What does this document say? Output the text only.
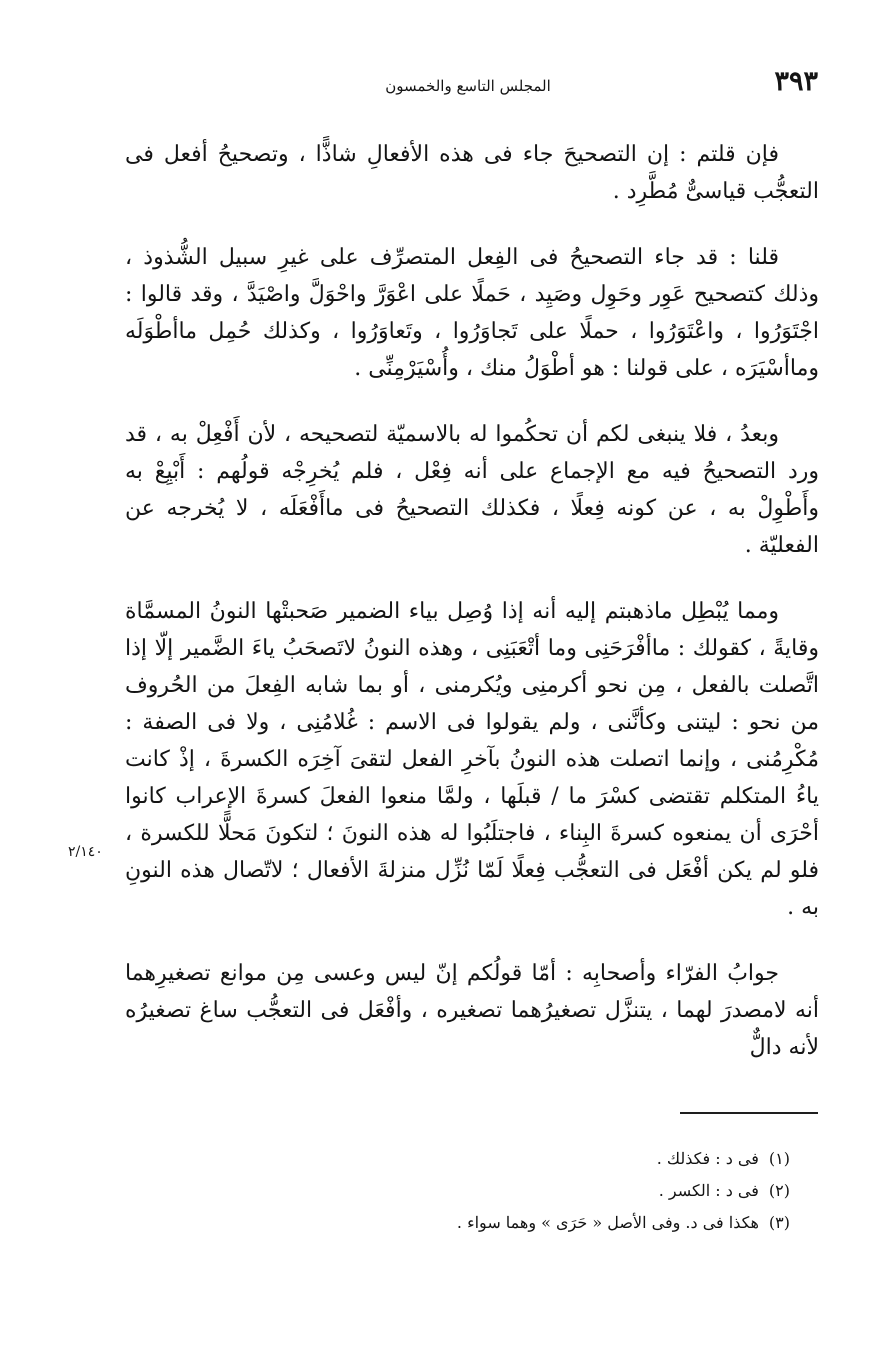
٣٩٣
المجلس التاسع والخمسون

فإن قلتم : إن التصحيحَ جاء فى هذه الأفعالِ شاذًّا ، وتصحيحُ أفعل فى التعجُّب قياسىٌّ مُطَّرِد .

قلنا : قد جاء التصحيحُ فى الفِعل المتصرِّف على غيرِ سبيل الشُّذوذ ، وذلك كتصحيح عَوِر وحَوِل وصَيِد ، حَملًا على اعْوَرَّ واحْوَلَّ واصْيَدَّ ، وقد قالوا : اجْتَوَرُوا ، واعْتَوَرُوا ، حملًا على تَجاوَرُوا ، وتَعاوَرُوا ، وكذلك حُمِل ماأطْوَلَه وماأسْيَرَه ، على قولنا : هو أطْوَلُ منك ، وأُسْيَرْمِنِّى .

وبعدُ ، فلا ينبغى لكم أن تحكُموا له بالاسميّة لتصحيحه ، لأن أَفْعِلْ به ، قد ورد التصحيحُ فيه مع الإجماع على أنه فِعْل ، فلم يُخرِجْه قولُهم : أَبْيِعْ به وأَطْوِلْ به ، عن كونه فِعلًا ، فكذلك التصحيحُ فى ماأَفْعَلَه ، لا يُخرجه عن الفعليّة .

ومما يُبْطِل ماذهبتم إليه أنه إذا وُصِل بياء الضمير صَحبتْها النونُ المسمَّاة وقايةً ، كقولك : ماأفْرَحَنِى وما أتْعَبَنِى ، وهذه النونُ لاتَصحَبُ ياءَ الضَّمير إلّا إذا اتَّصلت بالفعل ، مِن نحو أكرمنِى ويُكرمنى ، أو بما شابه الفِعلَ من الحُروف من نحو : ليتنى وكأنَّنى ، ولم يقولوا فى الاسم : غُلامُنِى ، ولا فى الصفة : مُكْرِمُنى ، وإنما اتصلت هذه النونُ بآخرِ الفعل لتقىَ آخِرَه الكسرةَ ، إذْ كانت ياءُ المتكلم تقتضى كسْرَ ما / قبلَها ، ولمَّا منعوا الفعلَ كسرةَ الإعراب كانوا أحْرَى أن يمنعوه كسرةَ البِناء ، فاجتلَبُوا له هذه النونَ ؛ لتكونَ مَحلًّا للكسرة ، فلو لم يكن أفْعَل فى التعجُّب فِعلًا لَمّا نُزِّل منزلةَ الأفعال ؛ لاتّصال هذه النونِ به .

جوابُ الفرّاء وأصحابِه : أمّا قولُكم إنّ ليس وعسى مِن موانع تصغيرِهما أنه لامصدرَ لهما ، يتنزَّل تصغيرُهما تصغيره ، وأفْعَل فى التعجُّب ساغ تصغيرُه لأنه دالٌّ

٢/١٤٠
(١)فى د : فكذلك .
(٢)فى د : الكسر .
(٣)هكذا فى د. وفى الأصل « حَرَى » وهما سواء .
